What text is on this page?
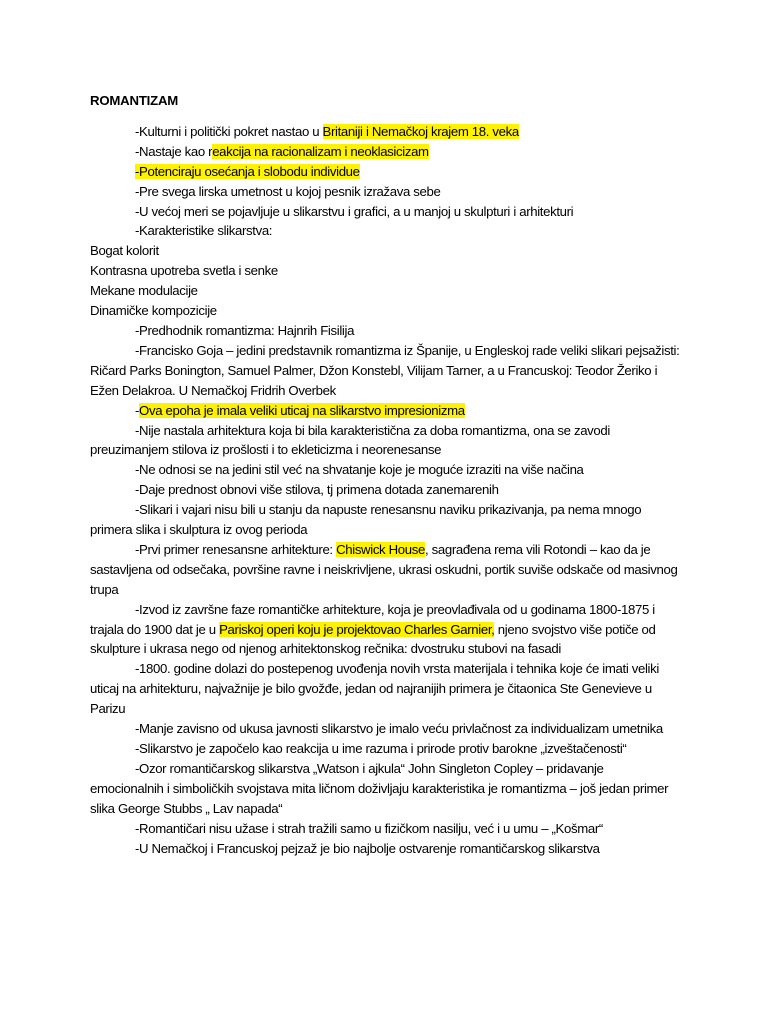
ROMANTIZAM
-Kulturni i politički pokret nastao u Britaniji i Nemačkoj krajem 18. veka
-Nastaje kao reakcija na racionalizam i neoklasicizam
-Potenciraju osećanja i slobodu individue
-Pre svega lirska umetnost u kojoj pesnik izražava sebe
-U većoj meri se pojavljuje u slikarstvu i grafici, a u manjoj u skulpturi i arhitekturi
-Karakteristike slikarstva:
Bogat kolorit
Kontrasna upotreba svetla i senke
Mekane modulacije
Dinamičke kompozicije
-Predhodnik romantizma: Hajnrih Fisilija
-Francisko Goja – jedini predstavnik romantizma iz Španije, u Engleskoj rade veliki slikari pejsažisti: Ričard Parks Bonington, Samuel Palmer, Džon Konstebl, Vilijam Tarner, a u Francuskoj: Teodor Žeriko i Ežen Delakroa. U Nemačkoj Fridrih Overbek
-Ova epoha je imala veliki uticaj na slikarstvo impresionizma
-Nije nastala arhitektura koja bi bila karakteristična za doba romantizma, ona se zavodi preuzimanjem stilova iz prošlosti i to ekleticizma i neorenesanse
-Ne odnosi se na jedini stil već na shvatanje koje je moguće izraziti na više načina
-Daje prednost obnovi više stilova, tj primena dotada zanemarenih
-Slikari i vajari nisu bili u stanju da napuste renesansnu naviku prikazivanja, pa nema mnogo primera slika i skulptura iz ovog perioda
-Prvi primer renesansne arhitekture: Chiswick House, sagrađena rema vili Rotondi – kao da je sastavljena od odsečaka, površine ravne i neiskrivljene, ukrasi oskudni, portik suviše odskače od masivnog trupa
-Izvod iz završne faze romantičke arhitekture, koja je preovlađivala od u godinama 1800-1875 i trajala do 1900 dat je u Pariskoj operi koju je projektovao Charles Garnier, njeno svojstvo više potiče od skulpture i ukrasa nego od njenog arhitektonskog rečnika: dvostruku stubovi na fasadi
-1800. godine dolazi do postepenog uvođenja novih vrsta materijala i tehnika koje će imati veliki uticaj na arhitekturu, najvažnije je bilo gvožđe, jedan od najranijih primera je čitaonica Ste Genevieve u Parizu
-Manje zavisno od ukusa javnosti slikarstvo je imalo veću privlačnost za individualizam umetnika
-Slikarstvo je započelo kao reakcija u ime razuma i prirode protiv barokne „izveštačenosti“
-Ozor romantičarskog slikarstva „Watson i ajkula“ John Singleton Copley – pridavanje emocionalnih i simboličkih svojstava mita ličnom doživljaju karakteristika je romantizma – još jedan primer slika George Stubbs „ Lav napada“
-Romantičari nisu užase i strah tražili samo u fizičkom nasilju, već i u umu – „Košmar“
-U Nemačkoj i Francuskoj pejzaž je bio najbolje ostvarenje romantičarskog slikarstva
